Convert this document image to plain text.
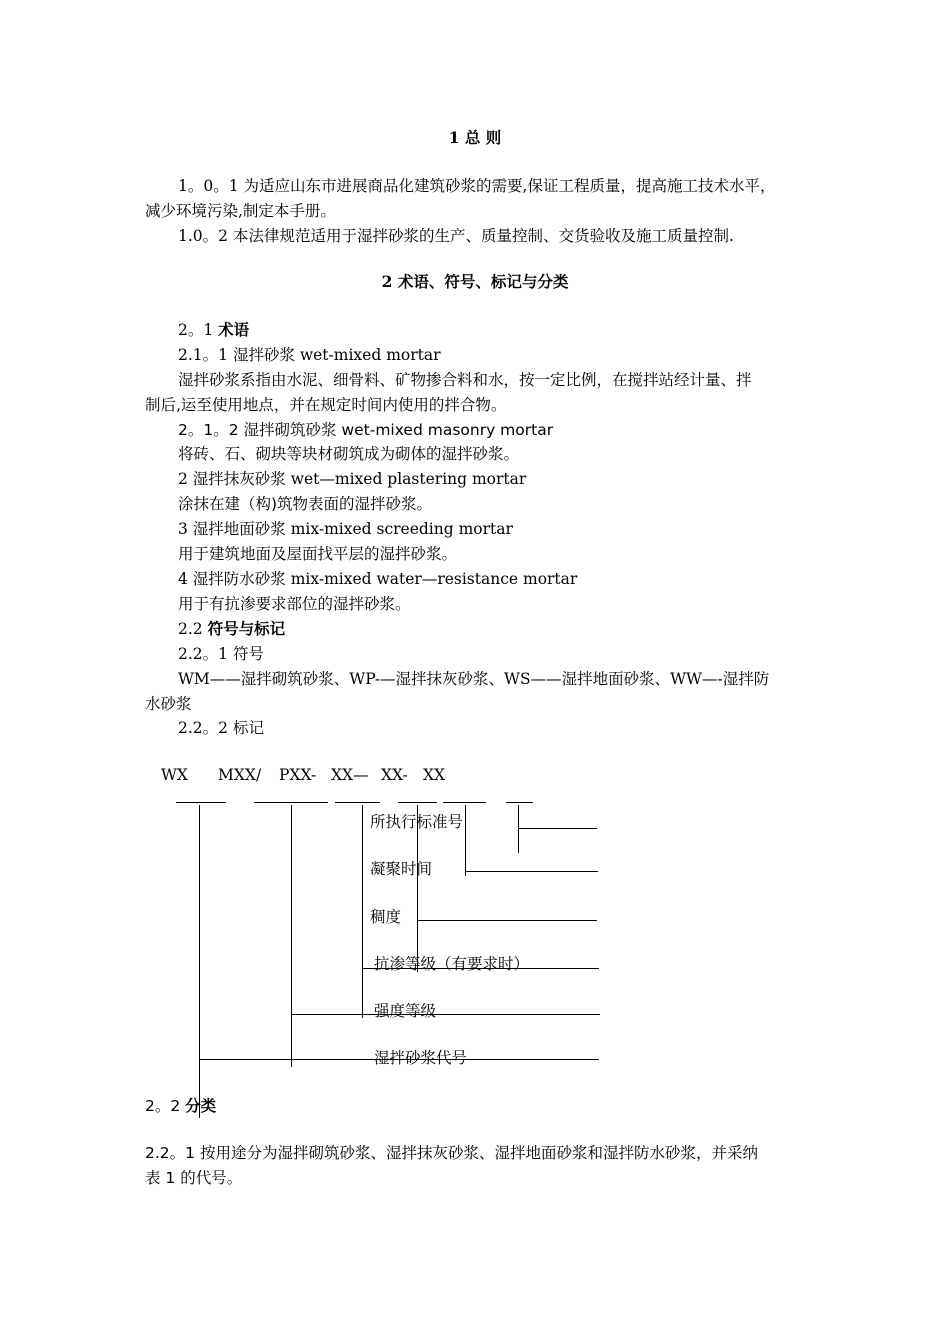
1 总 则
1。0。1 为适应山东市进展商品化建筑砂浆的需要,保证工程质量，提高施工技术水平，
减少环境污染,制定本手册。
1.0。2 本法律规范适用于湿拌砂浆的生产、质量控制、交货验收及施工质量控制.
2 术语、符号、标记与分类
2。1 术语
2.1。1 湿拌砂浆 wet-mixed mortar
湿拌砂浆系指由水泥、细骨料、矿物掺合料和水，按一定比例，在搅拌站经计量、拌
制后,运至使用地点，并在规定时间内使用的拌合物。
2。1。2 湿拌砌筑砂浆 wet-mixed masonry mortar
将砖、石、砌块等块材砌筑成为砌体的湿拌砂浆。
2 湿拌抹灰砂浆 wet—mixed plastering mortar
涂抹在建（构)筑物表面的湿拌砂浆。
3 湿拌地面砂浆 mix-mixed screeding mortar
用于建筑地面及屋面找平层的湿拌砂浆。
4 湿拌防水砂浆 mix-mixed water—resistance mortar
用于有抗渗要求部位的湿拌砂浆。
2.2 符号与标记
2.2。1 符号
WM——湿拌砌筑砂浆、WP-—湿拌抹灰砂浆、WS——湿拌地面砂浆、WW—-湿拌防
水砂浆
2.2。2 标记
WX MXX/ PXX- XX— XX- XX
所执行标准号
凝聚时间
稠度
抗渗等级（有要求时）
强度等级
湿拌砂浆代号
2。2 分类
2.2。1 按用途分为湿拌砌筑砂浆、湿拌抹灰砂浆、湿拌地面砂浆和湿拌防水砂浆，并采纳
表 1 的代号。
